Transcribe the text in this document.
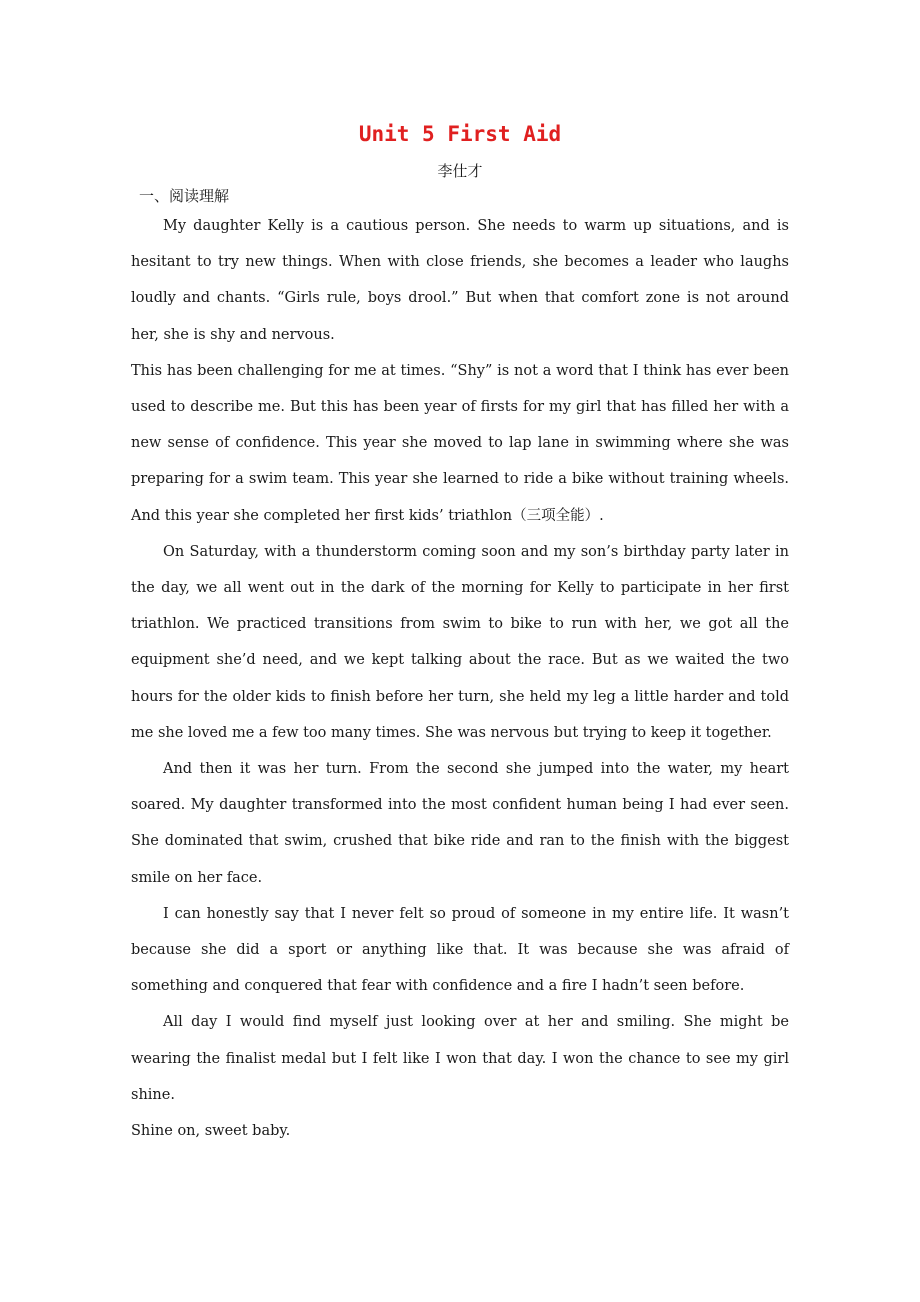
Unit 5 First Aid
李仕才
一、阅读理解

My daughter Kelly is a cautious person. She needs to warm up situations, and is hesitant to try new things. When with close friends, she becomes a leader who laughs loudly and chants. “Girls rule, boys drool.” But when that comfort zone is not around her, she is shy and nervous.

This has been challenging for me at times. “Shy” is not a word that I think has ever been used to describe me. But this has been year of firsts for my girl that has filled her with a new sense of confidence. This year she moved to lap lane in swimming where she was preparing for a swim team. This year she learned to ride a bike without training wheels. And this year she completed her first kids’ triathlon（三项全能）.

On Saturday, with a thunderstorm coming soon and my son’s birthday party later in the day, we all went out in the dark of the morning for Kelly to participate in her first triathlon. We practiced transitions from swim to bike to run with her, we got all the equipment she’d need, and we kept talking about the race. But as we waited the two hours for the older kids to finish before her turn, she held my leg a little harder and told me she loved me a few too many times. She was nervous but trying to keep it together.

And then it was her turn. From the second she jumped into the water, my heart soared. My daughter transformed into the most confident human being I had ever seen. She dominated that swim, crushed that bike ride and ran to the finish with the biggest smile on her face.

I can honestly say that I never felt so proud of someone in my entire life. It wasn’t because she did a sport or anything like that. It was because she was afraid of something and conquered that fear with confidence and a fire I hadn’t seen before.

All day I would find myself just looking over at her and smiling. She might be wearing the finalist medal but I felt like I won that day. I won the chance to see my girl shine.

Shine on, sweet baby.
